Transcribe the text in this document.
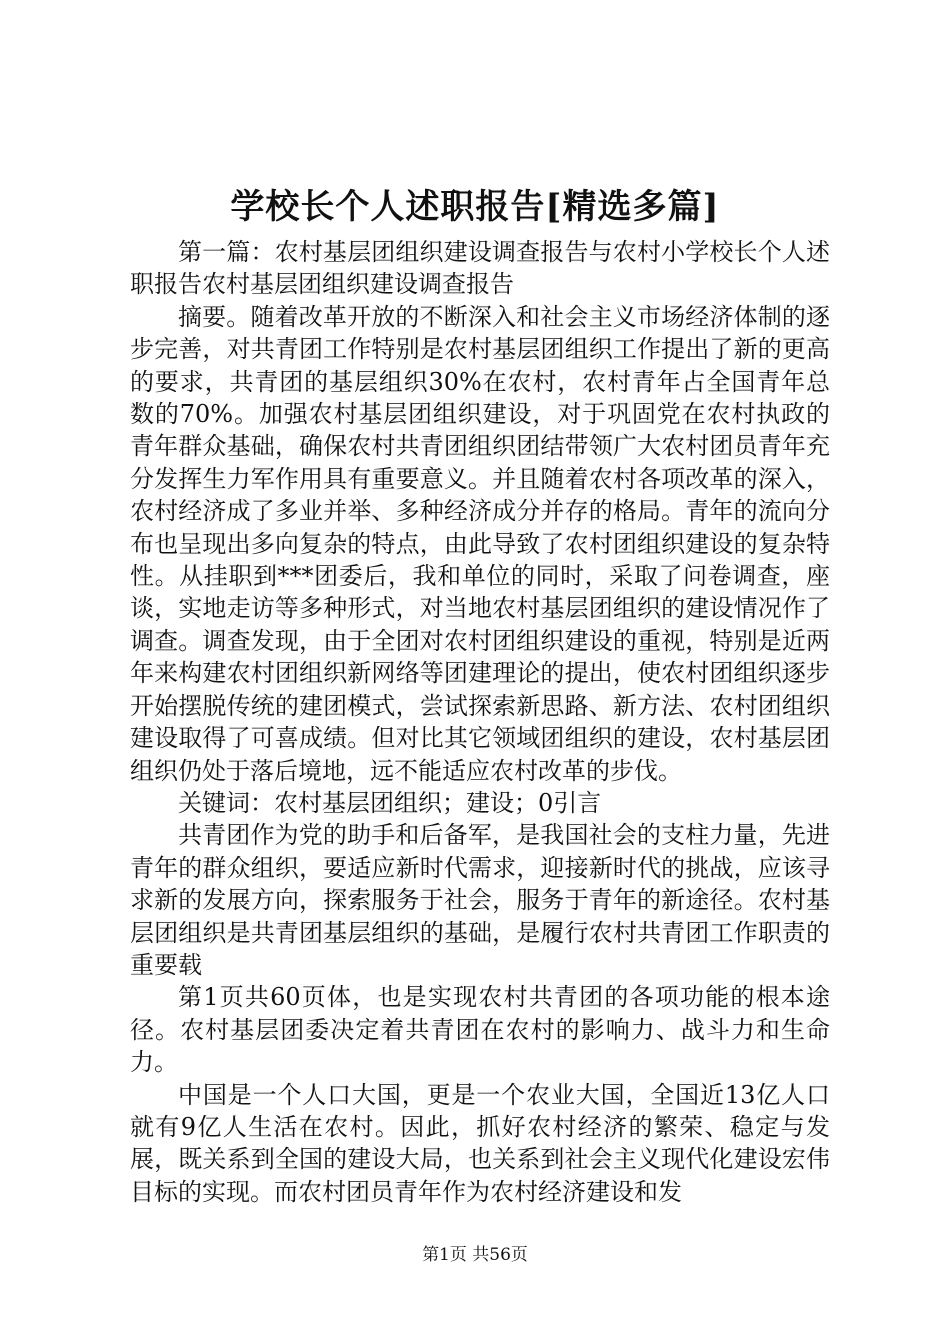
学校长个人述职报告[精选多篇]

第一篇：农村基层团组织建设调查报告与农村小学校长个人述职报告农村基层团组织建设调查报告

摘要。随着改革开放的不断深入和社会主义市场经济体制的逐步完善，对共青团工作特别是农村基层团组织工作提出了新的更高的要求，共青团的基层组织30%在农村，农村青年占全国青年总数的70%。加强农村基层团组织建设，对于巩固党在农村执政的青年群众基础，确保农村共青团组织团结带领广大农村团员青年充分发挥生力军作用具有重要意义。并且随着农村各项改革的深入，农村经济成了多业并举、多种经济成分并存的格局。青年的流向分布也呈现出多向复杂的特点，由此导致了农村团组织建设的复杂特性。从挂职到***团委后，我和单位的同时，采取了问卷调查，座谈，实地走访等多种形式，对当地农村基层团组织的建设情况作了调查。调查发现，由于全团对农村团组织建设的重视，特别是近两年来构建农村团组织新网络等团建理论的提出，使农村团组织逐步开始摆脱传统的建团模式，尝试探索新思路、新方法、农村团组织建设取得了可喜成绩。但对比其它领域团组织的建设，农村基层团组织仍处于落后境地，远不能适应农村改革的步伐。

关键词：农村基层团组织；建设；0引言

共青团作为党的助手和后备军，是我国社会的支柱力量，先进青年的群众组织，要适应新时代需求，迎接新时代的挑战，应该寻求新的发展方向，探索服务于社会，服务于青年的新途径。农村基层团组织是共青团基层组织的基础，是履行农村共青团工作职责的重要载

第1页共60页体，也是实现农村共青团的各项功能的根本途径。农村基层团委决定着共青团在农村的影响力、战斗力和生命力。

中国是一个人口大国，更是一个农业大国，全国近13亿人口就有9亿人生活在农村。因此，抓好农村经济的繁荣、稳定与发展，既关系到全国的建设大局，也关系到社会主义现代化建设宏伟目标的实现。而农村团员青年作为农村经济建设和发

第1页 共56页
